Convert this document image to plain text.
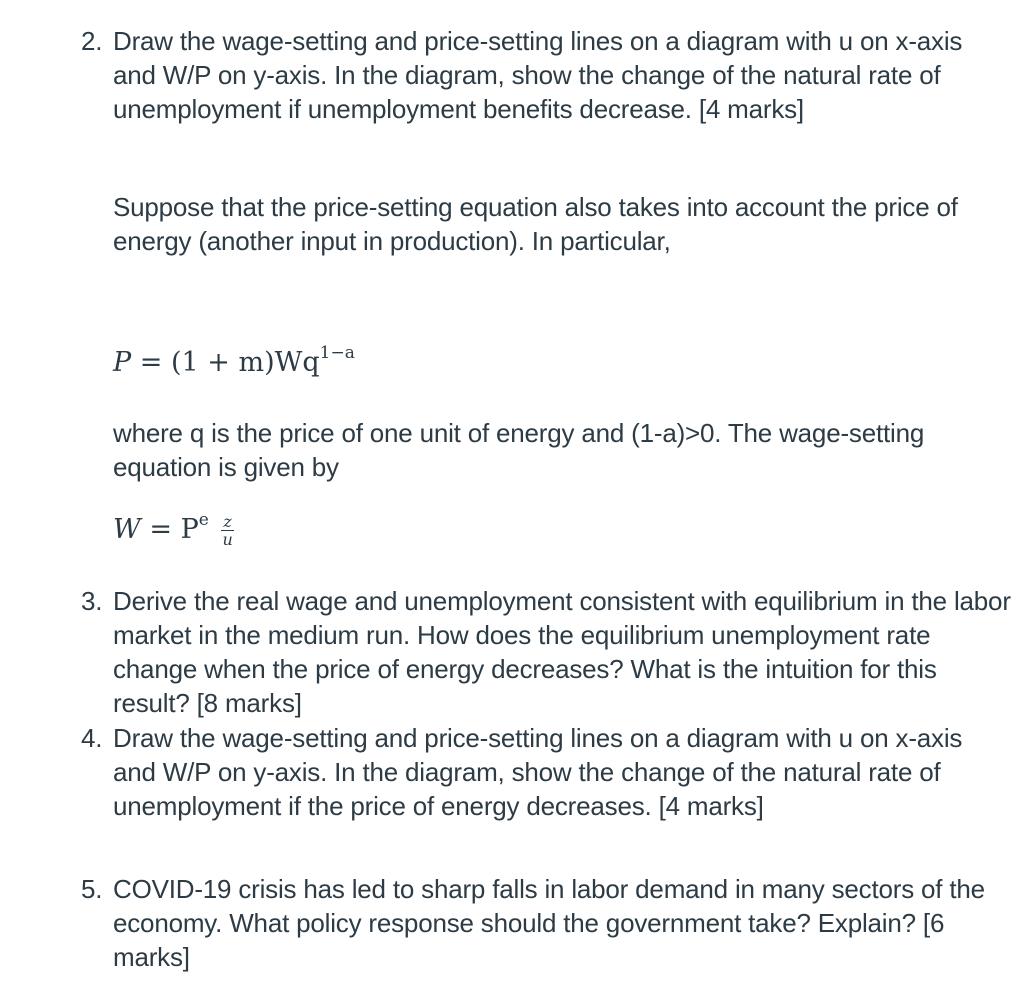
2. Draw the wage-setting and price-setting lines on a diagram with u on x-axis and W/P on y-axis. In the diagram, show the change of the natural rate of unemployment if unemployment benefits decrease. [4 marks]
Suppose that the price-setting equation also takes into account the price of energy (another input in production). In particular,
$P = (1 + m)Wq^{1-a}$
where q is the price of one unit of energy and (1-a)>0. The wage-setting equation is given by
$W = P^e \frac{z}{u}$
3. Derive the real wage and unemployment consistent with equilibrium in the labor market in the medium run. How does the equilibrium unemployment rate change when the price of energy decreases? What is the intuition for this result? [8 marks]
4. Draw the wage-setting and price-setting lines on a diagram with u on x-axis and W/P on y-axis. In the diagram, show the change of the natural rate of unemployment if the price of energy decreases. [4 marks]
5. COVID-19 crisis has led to sharp falls in labor demand in many sectors of the economy. What policy response should the government take? Explain? [6 marks]
